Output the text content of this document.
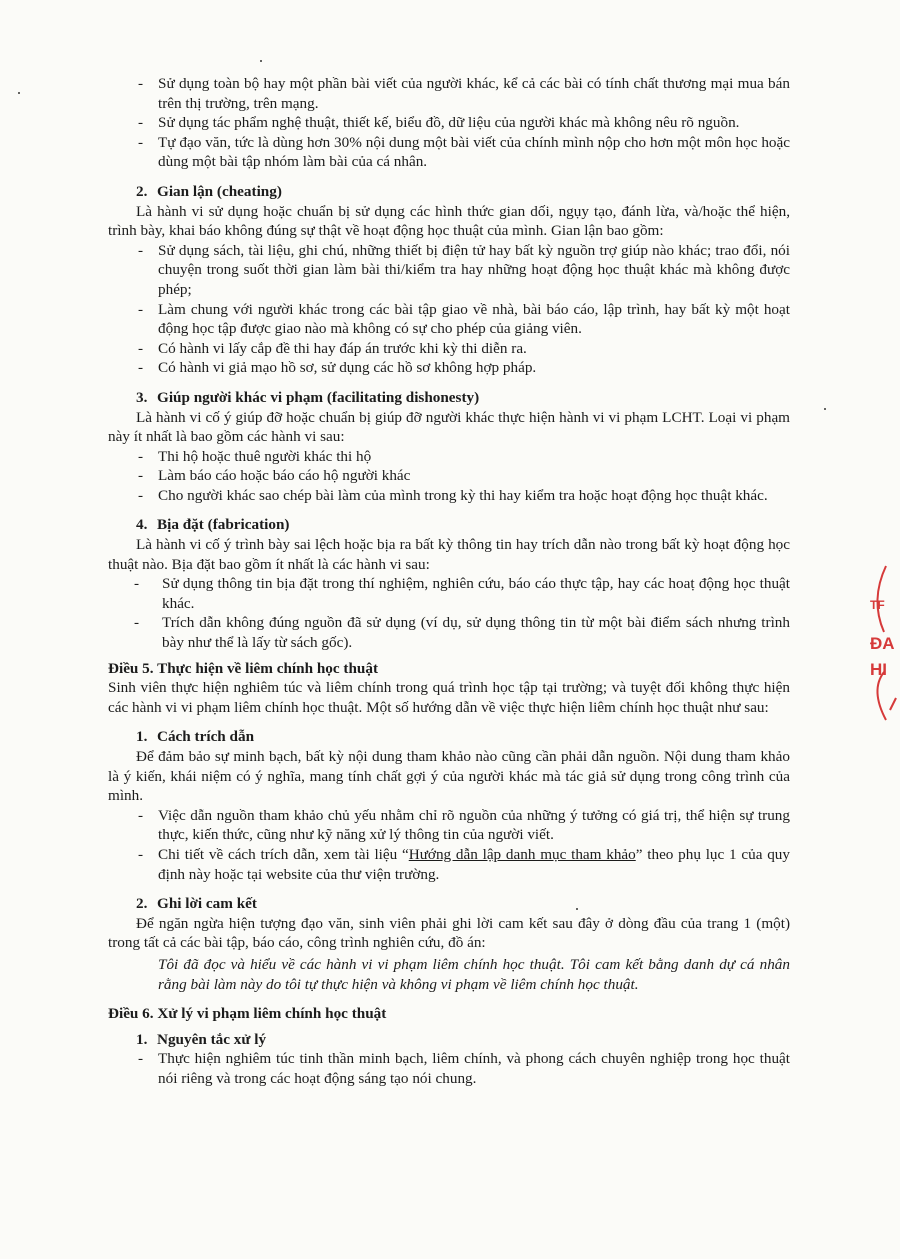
- Sử dụng toàn bộ hay một phần bài viết của người khác, kể cả các bài có tính chất thương mại mua bán trên thị trường, trên mạng.
- Sử dụng tác phẩm nghệ thuật, thiết kế, biểu đồ, dữ liệu của người khác mà không nêu rõ nguồn.
- Tự đạo văn, tức là dùng hơn 30% nội dung một bài viết của chính mình nộp cho hơn một môn học hoặc dùng một bài tập nhóm làm bài của cá nhân.
2. Gian lận (cheating)

Là hành vi sử dụng hoặc chuẩn bị sử dụng các hình thức gian dối, ngụy tạo, đánh lừa, và/hoặc thể hiện, trình bày, khai báo không đúng sự thật về hoạt động học thuật của mình. Gian lận bao gồm:

- Sử dụng sách, tài liệu, ghi chú, những thiết bị điện tử hay bất kỳ nguồn trợ giúp nào khác; trao đổi, nói chuyện trong suốt thời gian làm bài thi/kiểm tra hay những hoạt động học thuật khác mà không được phép;
- Làm chung với người khác trong các bài tập giao về nhà, bài báo cáo, lập trình, hay bất kỳ một hoạt động học tập được giao nào mà không có sự cho phép của giảng viên.
- Có hành vi lấy cắp đề thi hay đáp án trước khi kỳ thi diễn ra.
- Có hành vi giả mạo hồ sơ, sử dụng các hồ sơ không hợp pháp.
3. Giúp người khác vi phạm (facilitating dishonesty)

Là hành vi cố ý giúp đỡ hoặc chuẩn bị giúp đỡ người khác thực hiện hành vi vi phạm LCHT. Loại vi phạm này ít nhất là bao gồm các hành vi sau:

- Thi hộ hoặc thuê người khác thi hộ
- Làm báo cáo hoặc báo cáo hộ người khác
- Cho người khác sao chép bài làm của mình trong kỳ thi hay kiểm tra hoặc hoạt động học thuật khác.
4. Bịa đặt (fabrication)

Là hành vi cố ý trình bày sai lệch hoặc bịa ra bất kỳ thông tin hay trích dẫn nào trong bất kỳ hoạt động học thuật nào. Bịa đặt bao gồm ít nhất là các hành vi sau:

- Sử dụng thông tin bịa đặt trong thí nghiệm, nghiên cứu, báo cáo thực tập, hay các hoaṭ động học thuật khác.
- Trích dẫn không đúng nguồn đã sử dụng (ví dụ, sử dụng thông tin từ một bài điểm sách nhưng trình bày như thể là lấy từ sách gốc).
Điều 5. Thực hiện về liêm chính học thuật

Sinh viên thực hiện nghiêm túc và liêm chính trong quá trình học tập tại trường; và tuyệt đối không thực hiện các hành vi vi phạm liêm chính học thuật. Một số hướng dẫn về việc thực hiện liêm chính học thuật như sau:

1. Cách trích dẫn

Để đảm bảo sự minh bạch, bất kỳ nội dung tham khảo nào cũng cần phải dẫn nguồn. Nội dung tham khảo là ý kiến, khái niệm có ý nghĩa, mang tính chất gợi ý của người khác mà tác giả sử dụng trong công trình của mình.

- Việc dẫn nguồn tham khảo chủ yếu nhằm chỉ rõ nguồn của những ý tưởng có giá trị, thể hiện sự trung thực, kiến thức, cũng như kỹ năng xử lý thông tin của người viết.
- Chi tiết về cách trích dẫn, xem tài liệu “Hướng dẫn lập danh mục tham khảo” theo phụ lục 1 của quy định này hoặc tại website của thư viện trường.
2. Ghi lời cam kết

Để ngăn ngừa hiện tượng đạo văn, sinh viên phải ghi lời cam kết sau đây ở dòng đầu của trang 1 (một) trong tất cả các bài tập, báo cáo, công trình nghiên cứu, đồ án:

Tôi đã đọc và hiểu về các hành vi vi phạm liêm chính học thuật. Tôi cam kết bằng danh dự cá nhân rằng bài làm này do tôi tự thực hiện và không vi phạm về liêm chính học thuật.

Điều 6. Xử lý vi phạm liêm chính học thuật
1. Nguyên tắc xử lý
- Thực hiện nghiêm túc tinh thần minh bạch, liêm chính, và phong cách chuyên nghiệp trong học thuật nói riêng và trong các hoạt động sáng tạo nói chung.
TF
ĐA
HI
